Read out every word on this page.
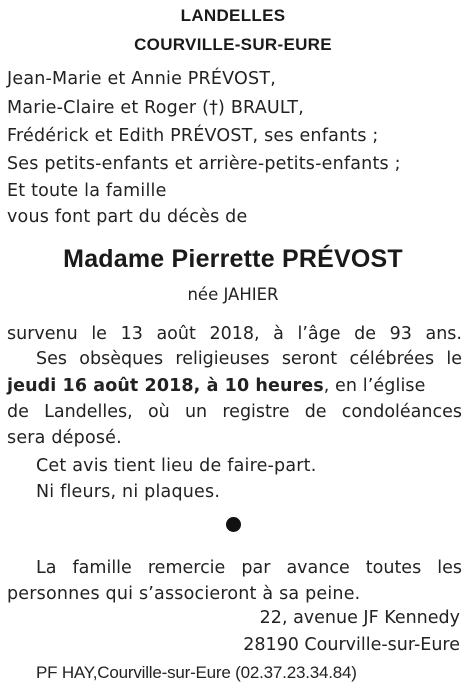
LANDELLES
COURVILLE-SUR-EURE
Jean-Marie et Annie PRÉVOST,
Marie-Claire et Roger (†) BRAULT,
Frédérick et Edith PRÉVOST, ses enfants ;
Ses petits-enfants et arrière-petits-enfants ;
Et toute la famille
vous font part du décès de
Madame Pierrette PRÉVOST
née JAHIER
survenu le 13 août 2018, à l’âge de 93 ans.
Ses obsèques religieuses seront célébrées le
jeudi 16 août 2018, à 10 heures, en l’église
de Landelles, où un registre de condoléances
sera déposé.
Cet avis tient lieu de faire-part.
Ni fleurs, ni plaques.
La famille remercie par avance toutes les
personnes qui s’associeront à sa peine.
22, avenue JF Kennedy
28190 Courville-sur-Eure
PF HAY,Courville-sur-Eure (02.37.23.34.84)
